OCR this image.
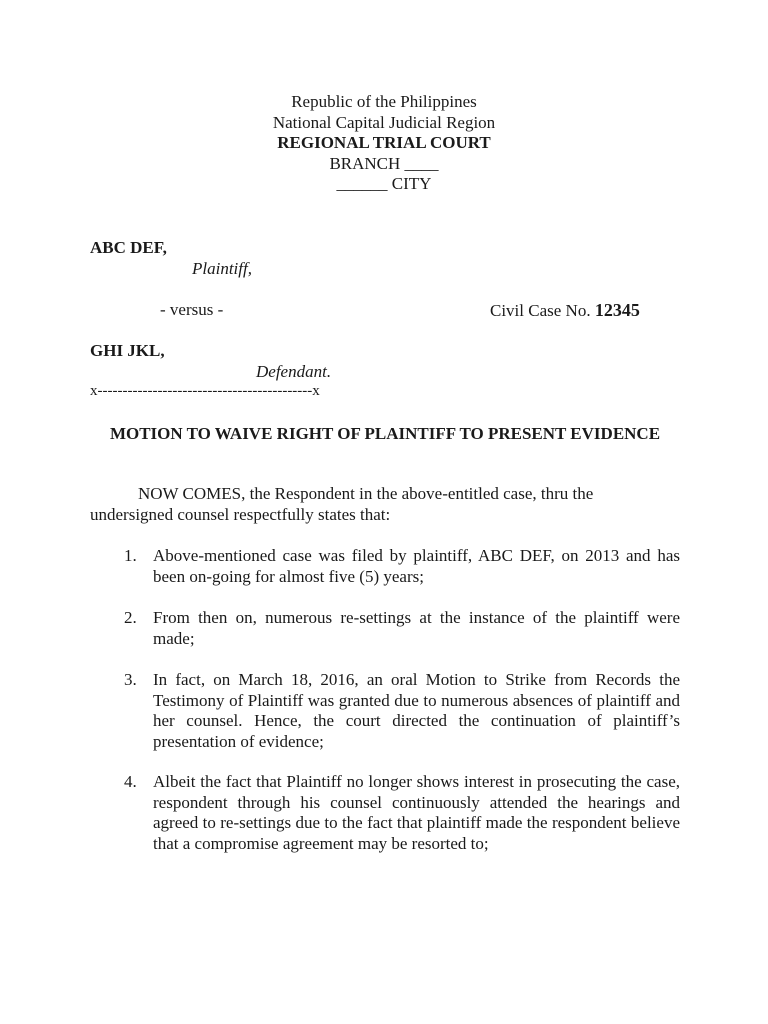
Republic of the Philippines
National Capital Judicial Region
REGIONAL TRIAL COURT
BRANCH ____
______ CITY
ABC DEF,
Plaintiff,
- versus -	Civil Case No. 12345
GHI JKL,
Defendant.
x-------------------------------------------x
MOTION TO WAIVE RIGHT OF PLAINTIFF TO PRESENT EVIDENCE
NOW COMES, the Respondent in the above-entitled case, thru the undersigned counsel respectfully states that:
1. Above-mentioned case was filed by plaintiff, ABC DEF, on 2013 and has been on-going for almost five (5) years;
2. From then on, numerous re-settings at the instance of the plaintiff were made;
3. In fact, on March 18, 2016, an oral Motion to Strike from Records the Testimony of Plaintiff was granted due to numerous absences of plaintiff and her counsel. Hence, the court directed the continuation of plaintiff’s presentation of evidence;
4. Albeit the fact that Plaintiff no longer shows interest in prosecuting the case, respondent through his counsel continuously attended the hearings and agreed to re-settings due to the fact that plaintiff made the respondent believe that a compromise agreement may be resorted to;
